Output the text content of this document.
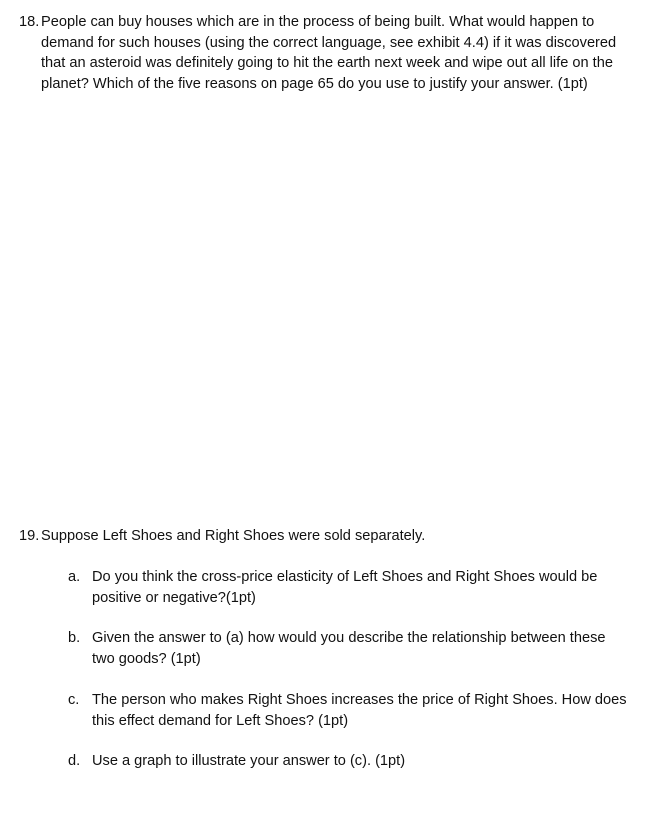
18. People can buy houses which are in the process of being built. What would happen to demand for such houses (using the correct language, see exhibit 4.4) if it was discovered that an asteroid was definitely going to hit the earth next week and wipe out all life on the planet? Which of the five reasons on page 65 do you use to justify your answer. (1pt)
19. Suppose Left Shoes and Right Shoes were sold separately.
a. Do you think the cross-price elasticity of Left Shoes and Right Shoes would be positive or negative?(1pt)
b. Given the answer to (a) how would you describe the relationship between these two goods? (1pt)
c. The person who makes Right Shoes increases the price of Right Shoes. How does this effect demand for Left Shoes? (1pt)
d. Use a graph to illustrate your answer to (c). (1pt)
